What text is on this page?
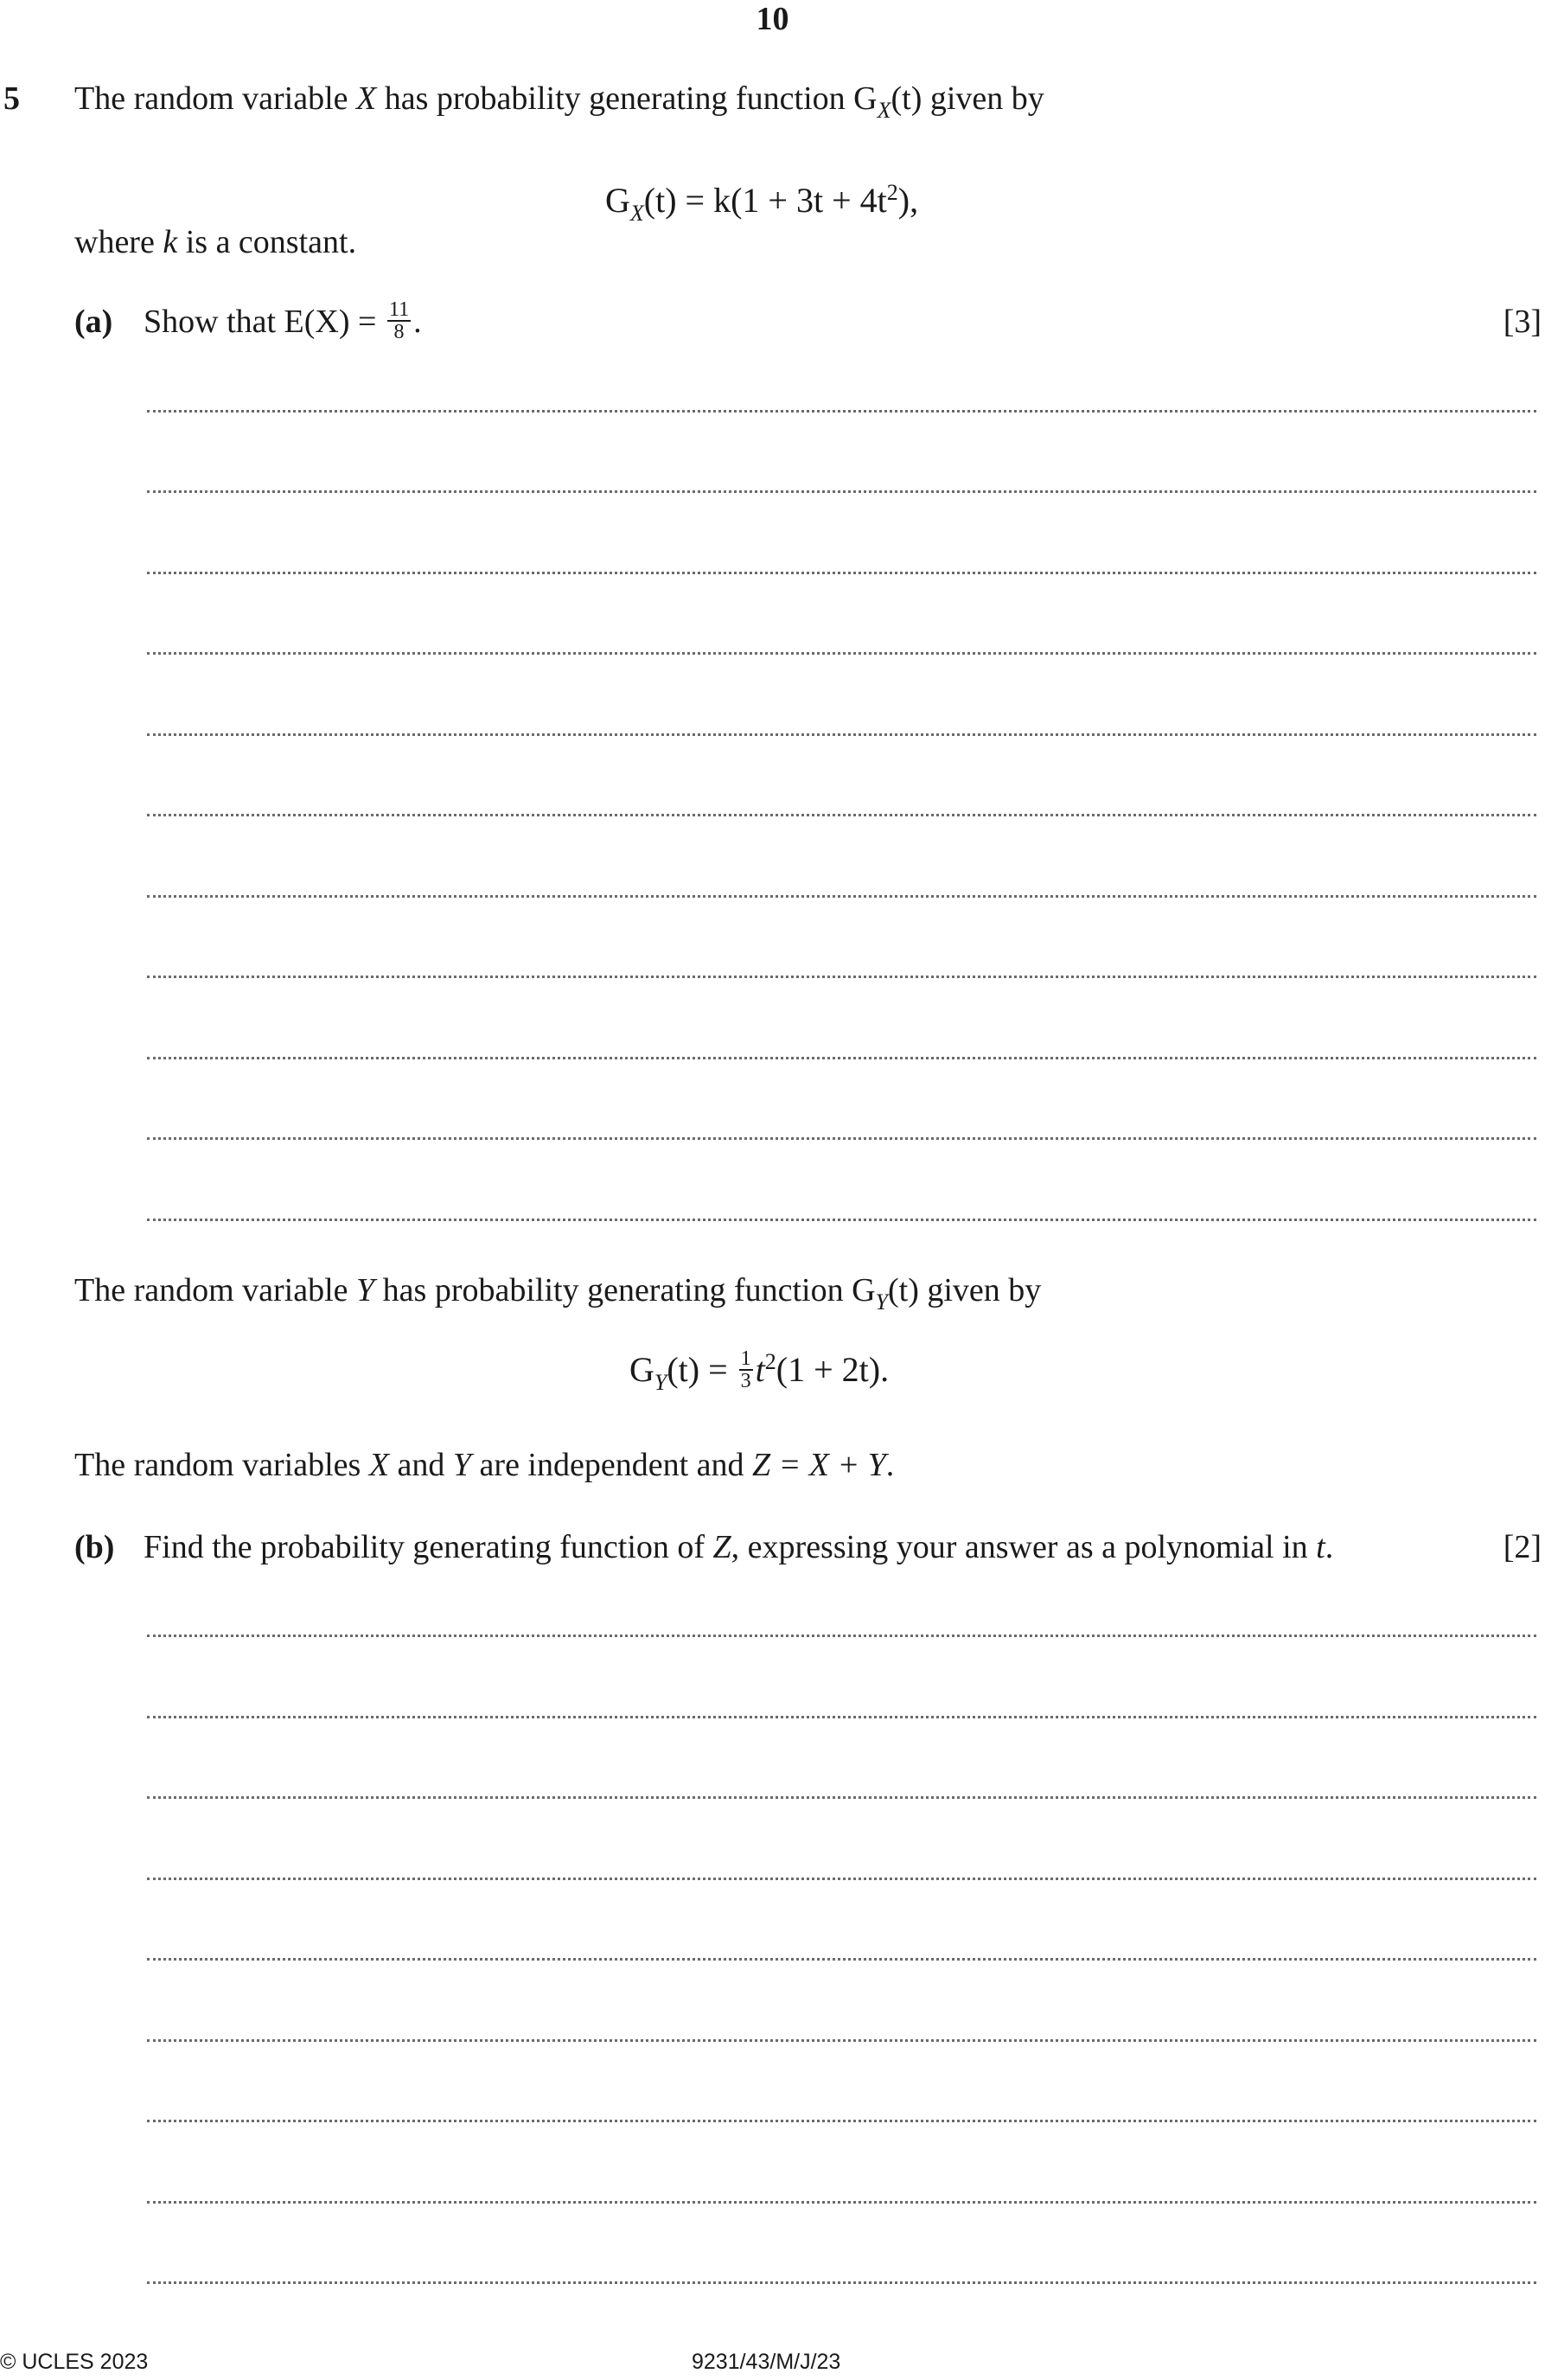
10
5 The random variable X has probability generating function $G_X(t)$ given by
$G_X(t) = k(1 + 3t + 4t^2)$,
where k is a constant.
(a) Show that $E(X) = \frac{11}{8}$ .	[3]
The random variable Y has probability generating function $G_Y(t)$ given by
$G_Y(t) = \frac{1}{3} t^2(1 + 2t)$.
The random variables X and Y are independent and Z = X + Y.
(b) Find the probability generating function of Z, expressing your answer as a polynomial in t.	[2]
© UCLES 2023	9231/43/M/J/23
